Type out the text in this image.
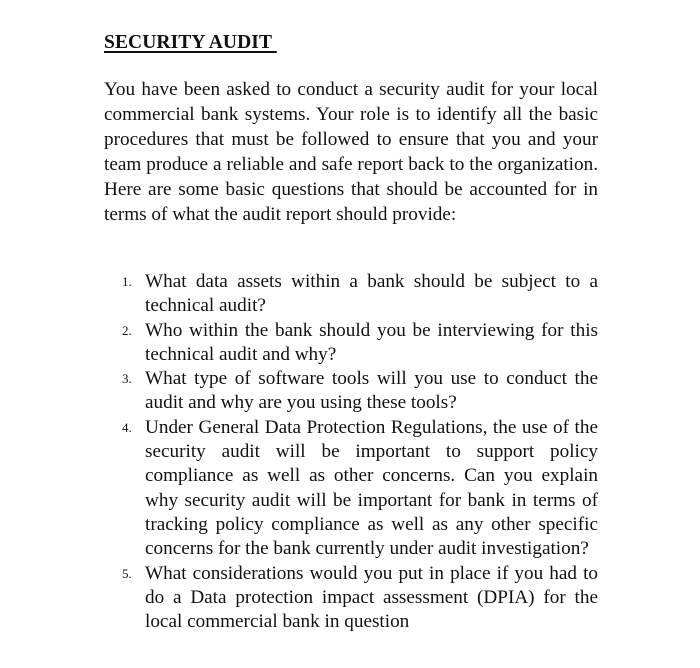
SECURITY AUDIT

You have been asked to conduct a security audit for your local commercial bank systems. Your role is to identify all the basic procedures that must be followed to ensure that you and your team produce a reliable and safe report back to the organization. Here are some basic questions that should be accounted for in terms of what the audit report should provide:

1. What data assets within a bank should be subject to a technical audit?
2. Who within the bank should you be interviewing for this technical audit and why?
3. What type of software tools will you use to conduct the audit and why are you using these tools?
4. Under General Data Protection Regulations, the use of the security audit will be important to support policy compliance as well as other concerns. Can you explain why security audit will be important for bank in terms of tracking policy compliance as well as any other specific concerns for the bank currently under audit investigation?
5. What considerations would you put in place if you had to do a Data protection impact assessment (DPIA) for the local commercial bank in question
